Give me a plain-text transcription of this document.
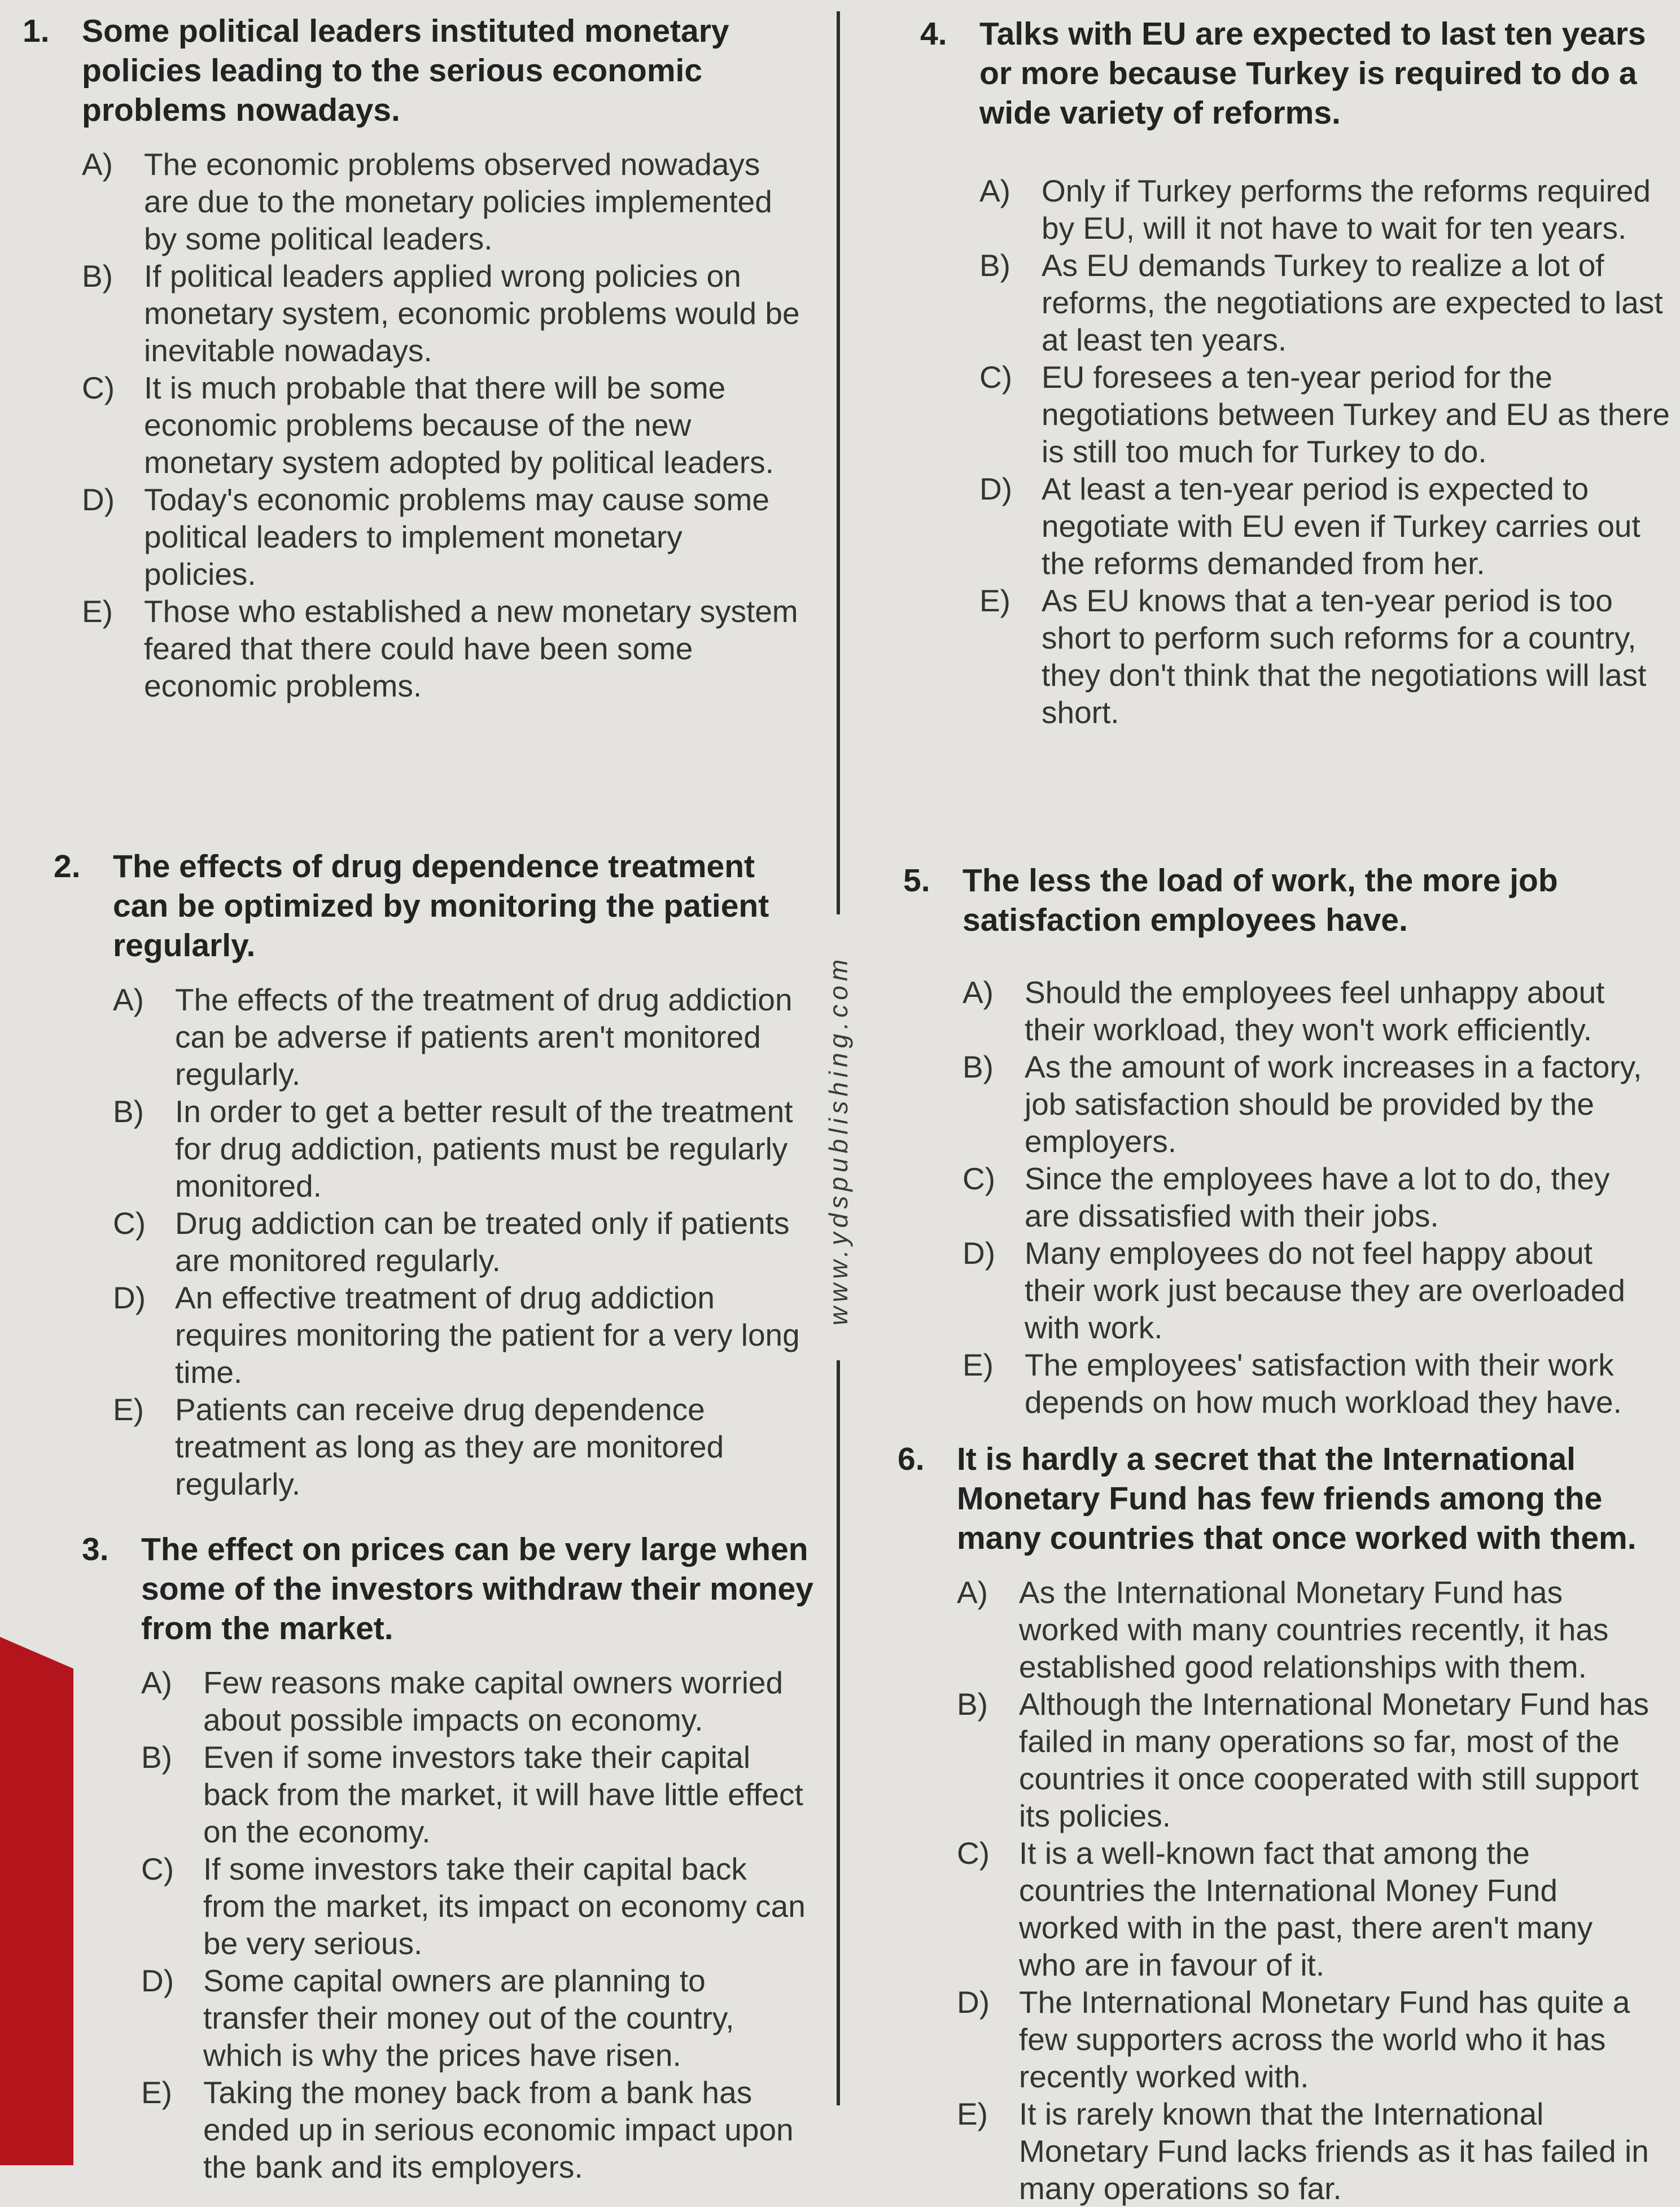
www.ydspublishing.com
1.	Some political leaders instituted monetary policies leading to the serious economic problems nowadays.
A)	The economic problems observed nowadays are due to the monetary policies implemented by some political leaders.
B)	If political leaders applied wrong policies on monetary system, economic problems would be inevitable nowadays.
C) It is much probable that there will be some economic problems because of the new monetary system adopted by political leaders.
D) Today's economic problems may cause some political leaders to implement monetary policies.
E)	Those who established a new monetary system feared that there could have been some economic problems.
2.	The effects of drug dependence treatment can be optimized by monitoring the patient regularly.
A)	The effects of the treatment of drug addiction can be adverse if patients aren't monitored regularly.
B)	In order to get a better result of the treatment for drug addiction, patients must be regularly monitored.
C) Drug addiction can be treated only if patients are monitored regularly.
D) An effective treatment of drug addiction requires monitoring the patient for a very long time.
E)	Patients can receive drug dependence treatment as long as they are monitored regularly.
3.	The effect on prices can be very large when some of the investors withdraw their money from the market.
A)	Few reasons make capital owners worried about possible impacts on economy.
B)	Even if some investors take their capital back from the market, it will have little effect on the economy.
C) If some investors take their capital back from the market, its impact on economy can be very serious.
D) Some capital owners are planning to transfer their money out of the country, which is why the prices have risen.
E)	Taking the money back from a bank has ended up in serious economic impact upon the bank and its employers.
4.	Talks with EU are expected to last ten years or more because Turkey is required to do a wide variety of reforms.
A)	Only if Turkey performs the reforms required by EU, will it not have to wait for ten years.
B)	As EU demands Turkey to realize a lot of reforms, the negotiations are expected to last at least ten years.
C) EU foresees a ten-year period for the negotiations between Turkey and EU as there is still too much for Turkey to do.
D) At least a ten-year period is expected to negotiate with EU even if Turkey carries out the reforms demanded from her.
E)	As EU knows that a ten-year period is too short to perform such reforms for a country, they don't think that the negotiations will last short.
5.	The less the load of work, the more job satisfaction employees have.
A)	Should the employees feel unhappy about their workload, they won't work efficiently.
B)	As the amount of work increases in a factory, job satisfaction should be provided by the employers.
C) Since the employees have a lot to do, they are dissatisfied with their jobs.
D) Many employees do not feel happy about their work just because they are overloaded with work.
E)	The employees' satisfaction with their work depends on how much workload they have.
6.	It is hardly a secret that the International Monetary Fund has few friends among the many countries that once worked with them.
A)	As the International Monetary Fund has worked with many countries recently, it has established good relationships with them.
B)	Although the International Monetary Fund has failed in many operations so far, most of the countries it once cooperated with still support its policies.
C) It is a well-known fact that among the countries the International Money Fund worked with in the past, there aren't many who are in favour of it.
D) The International Monetary Fund has quite a few supporters across the world who it has recently worked with.
E)	It is rarely known that the International Monetary Fund lacks friends as it has failed in many operations so far.
